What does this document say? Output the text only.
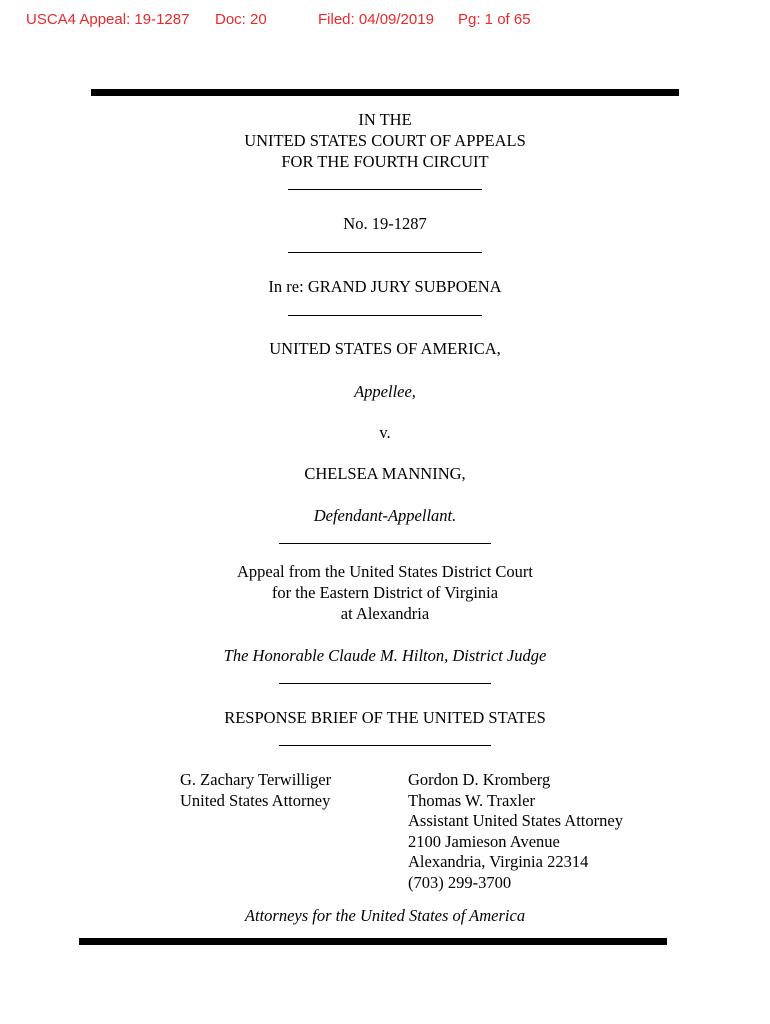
USCA4 Appeal: 19-1287 Doc: 20	Filed: 04/09/2019 Pg: 1 of 65
IN THE
UNITED STATES COURT OF APPEALS
FOR THE FOURTH CIRCUIT
No. 19-1287
In re: GRAND JURY SUBPOENA
UNITED STATES OF AMERICA,
Appellee,
v.
CHELSEA MANNING,
Defendant-Appellant.
Appeal from the United States District Court
for the Eastern District of Virginia
at Alexandria
The Honorable Claude M. Hilton, District Judge
RESPONSE BRIEF OF THE UNITED STATES
G. Zachary Terwilliger
United States Attorney
Gordon D. Kromberg
Thomas W. Traxler
Assistant United States Attorney
2100 Jamieson Avenue
Alexandria, Virginia 22314
(703) 299-3700
Attorneys for the United States of America
